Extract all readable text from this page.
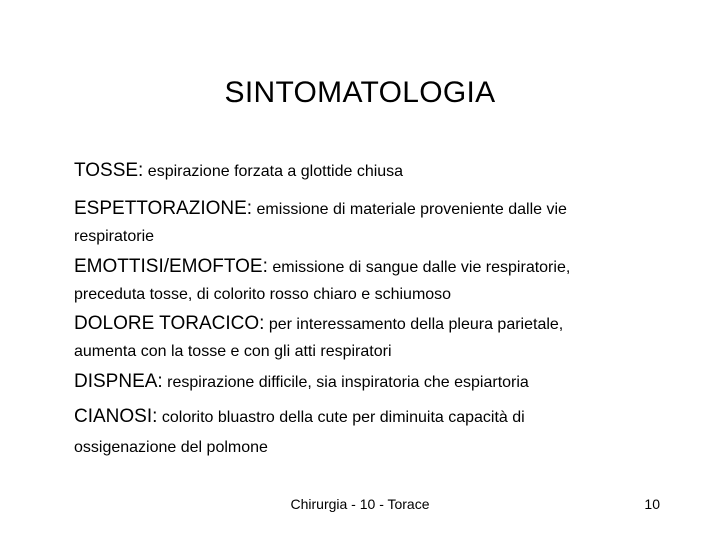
SINTOMATOLOGIA
TOSSE: espirazione forzata a glottide chiusa
ESPETTORAZIONE: emissione di materiale proveniente dalle vie
respiratorie
EMOTTISI/EMOFTOE: emissione di sangue dalle vie respiratorie,
preceduta tosse, di colorito rosso chiaro e schiumoso
DOLORE TORACICO: per interessamento della pleura parietale,
aumenta con la tosse e con gli atti respiratori
DISPNEA: respirazione difficile, sia inspiratoria che espiartoria
CIANOSI: colorito bluastro della cute per diminuita capacità di
ossigenazione del polmone
Chirurgia - 10 - Torace	10
